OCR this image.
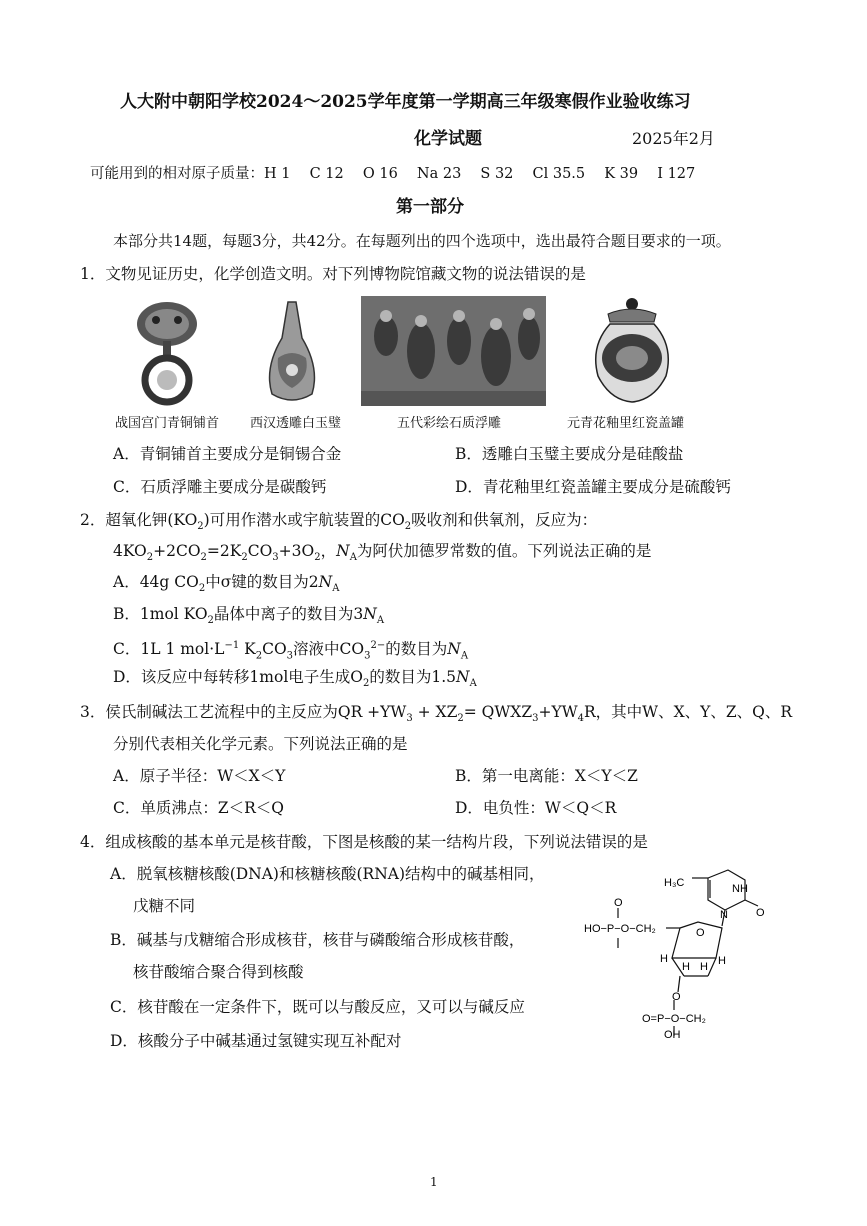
人大附中朝阳学校2024～2025学年度第一学期高三年级寒假作业验收练习
化学试题	2025年2月
可能用到的相对原子质量：H 1　 C 12　 O 16　 Na 23　 S 32　 Cl 35.5　 K 39　 I 127
第一部分
本部分共14题，每题3分，共42分。在每题列出的四个选项中，选出最符合题目要求的一项。
1．文物见证历史，化学创造文明。对下列博物院馆藏文物的说法错误的是
战国宫门青铜铺首 西汉透雕白玉璧	五代彩绘石质浮雕	元青花釉里红瓷盖罐
A．青铜铺首主要成分是铜锡合金	B．透雕白玉璧主要成分是硅酸盐
C．石质浮雕主要成分是碳酸钙	D．青花釉里红瓷盖罐主要成分是硫酸钙
2．超氧化钾$(KO_2)$可用作潜水或宇航装置的$CO_2$吸收剂和供氧剂，反应为：
$4KO_2+2CO_2=2K_2CO_3+3O_2$，$N_A$为阿伏加德罗常数的值。下列说法正确的是
A．44g $CO_2$中σ键的数目为$2N_A$
B．1mol $KO_2$晶体中离子的数目为$3N_A$
C．1L 1 $mol\cdot L^{-1}$ $K_2CO_3$溶液中$CO_3^{2-}$的数目为$N_A$
D．该反应中每转移1mol电子生成$O_2$的数目为$1.5N_A$
3．侯氏制碱法工艺流程中的主反应为QR $+YW_3 + XZ_2=$ $QWXZ_3+YW_4R$，其中W、X、Y、Z、Q、R
分别代表相关化学元素。下列说法正确的是
A．原子半径：W＜X＜Y	B．第一电离能：X＜Y＜Z
C．单质沸点：Z＜R＜Q	D．电负性：W＜Q＜R
4．组成核酸的基本单元是核苷酸，下图是核酸的某一结构片段，下列说法错误的是
A．脱氧核糖核酸(DNA)和核糖核酸(RNA)结构中的碱基相同，
戊糖不同
B．碱基与戊糖缩合形成核苷，核苷与磷酸缩合形成核苷酸，
核苷酸缩合聚合得到核酸
C．核苷酸在一定条件下，既可以与酸反应，又可以与碱反应
D．核酸分子中碱基通过氢键实现互补配对
H₃C	NH
O
N
O
HO−P−O−CH₂	O
H
H H H
O
O=P−O−CH₂
OH
1
